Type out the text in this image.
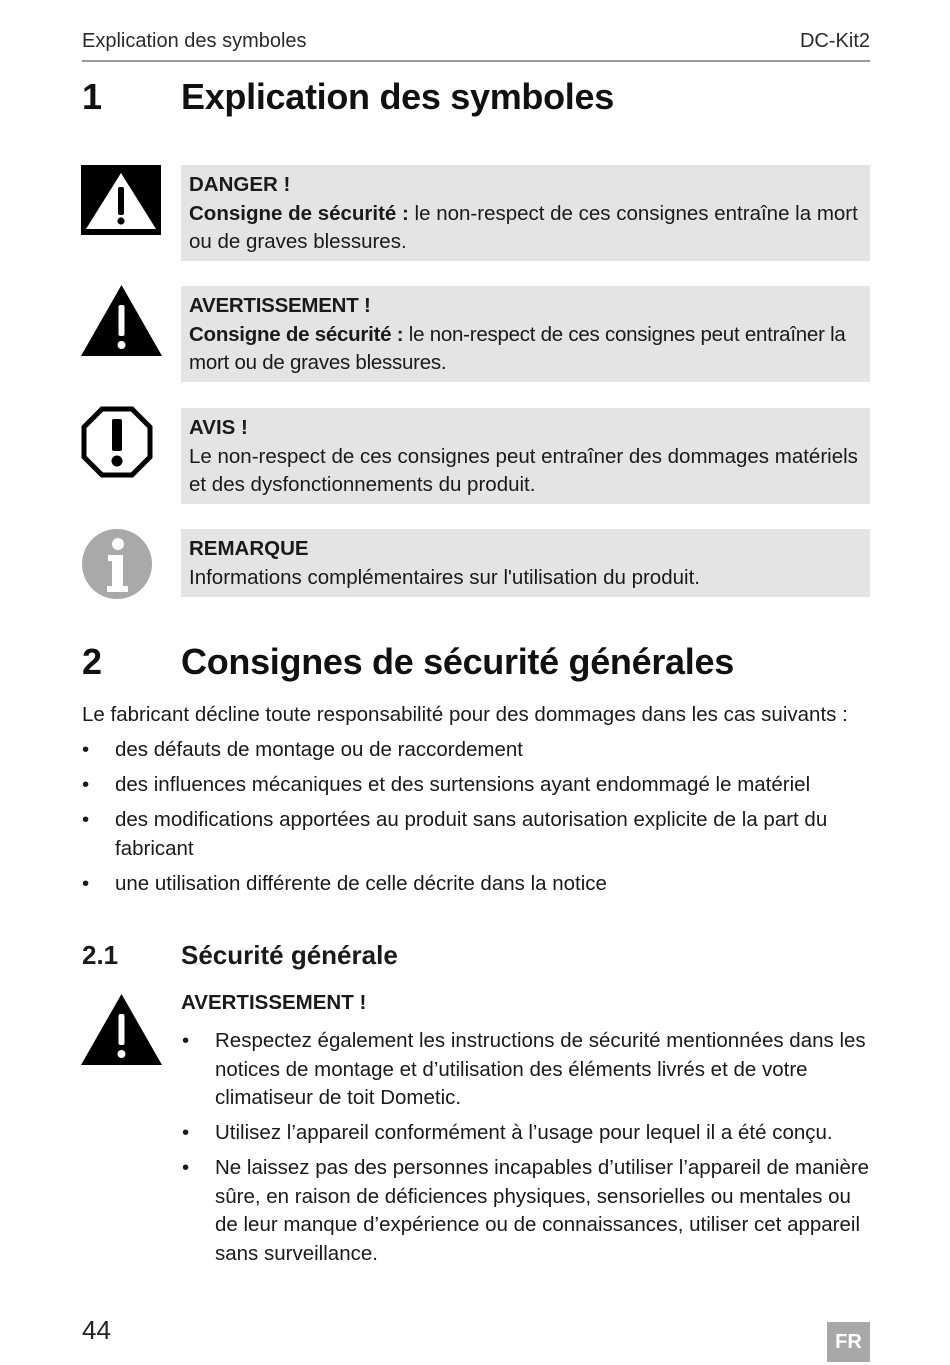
Explication des symboles	DC-Kit2
1 Explication des symboles
DANGER !
Consigne de sécurité : le non-respect de ces consignes entraîne la mort ou de graves blessures.
AVERTISSEMENT !
Consigne de sécurité : le non-respect de ces consignes peut entraîner la mort ou de graves blessures.
AVIS !
Le non-respect de ces consignes peut entraîner des dommages matériels et des dysfonctionnements du produit.
REMARQUE
Informations complémentaires sur l'utilisation du produit.
2 Consignes de sécurité générales
Le fabricant décline toute responsabilité pour des dommages dans les cas suivants :
• des défauts de montage ou de raccordement
• des influences mécaniques et des surtensions ayant endommagé le matériel
• des modifications apportées au produit sans autorisation explicite de la part du fabricant
• une utilisation différente de celle décrite dans la notice
2.1 Sécurité générale
AVERTISSEMENT !
• Respectez également les instructions de sécurité mentionnées dans les notices de montage et d’utilisation des éléments livrés et de votre climatiseur de toit Dometic.
• Utilisez l’appareil conformément à l’usage pour lequel il a été conçu.
• Ne laissez pas des personnes incapables d’utiliser l’appareil de manière sûre, en raison de déficiences physiques, sensorielles ou mentales ou de leur manque d’expérience ou de connaissances, utiliser cet appareil sans surveillance.
44	FR
